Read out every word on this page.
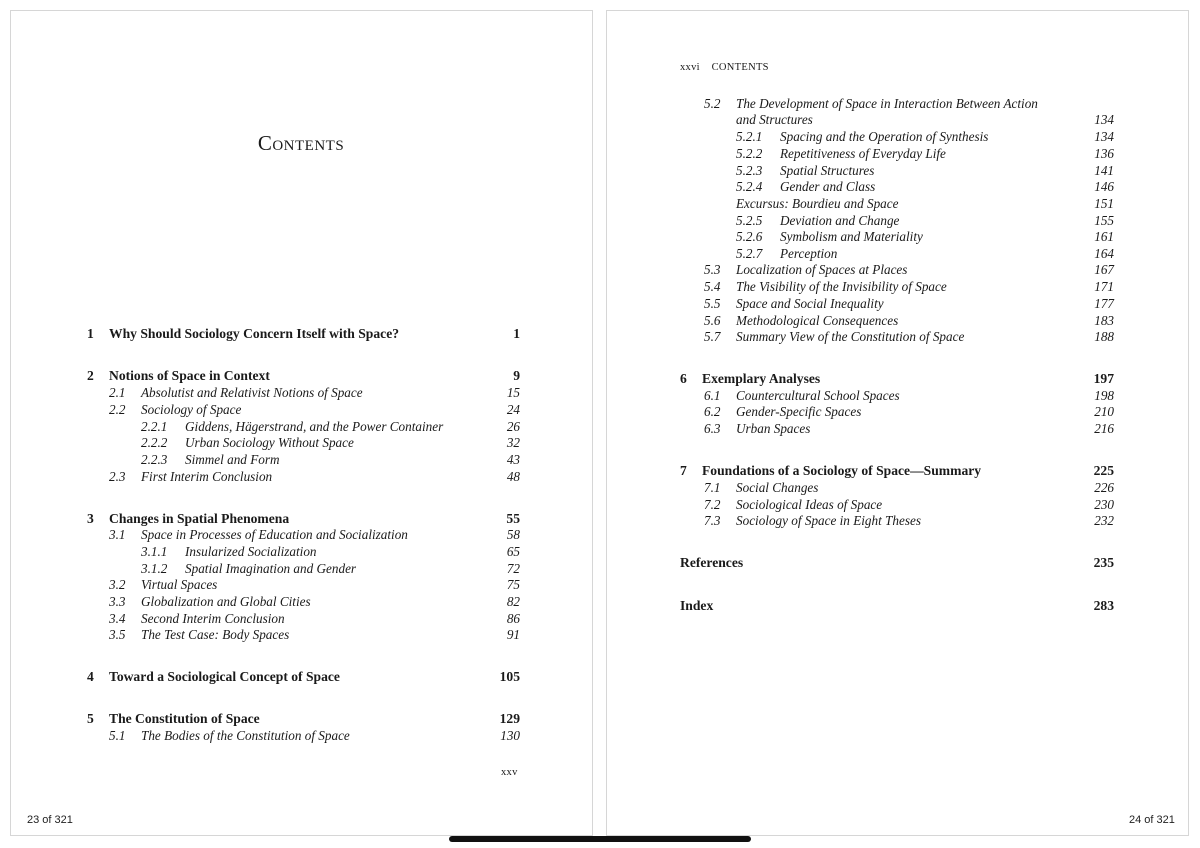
Contents
1 Why Should Sociology Concern Itself with Space?	1
2 Notions of Space in Context	9
2.1 Absolutist and Relativist Notions of Space	15
2.2 Sociology of Space	24
2.2.1 Giddens, Hägerstrand, and the Power Container	26
2.2.2 Urban Sociology Without Space	32
2.2.3 Simmel and Form	43
2.3 First Interim Conclusion	48
3 Changes in Spatial Phenomena	55
3.1 Space in Processes of Education and Socialization	58
3.1.1 Insularized Socialization	65
3.1.2 Spatial Imagination and Gender	72
3.2 Virtual Spaces	75
3.3 Globalization and Global Cities	82
3.4 Second Interim Conclusion	86
3.5 The Test Case: Body Spaces	91
4 Toward a Sociological Concept of Space	105
5 The Constitution of Space	129
5.1 The Bodies of the Constitution of Space	130
xxv
23 of 321
xxvi    CONTENTS
5.2 The Development of Space in Interaction Between Action
and Structures	134
5.2.1 Spacing and the Operation of Synthesis	134
5.2.2 Repetitiveness of Everyday Life	136
5.2.3 Spatial Structures	141
5.2.4 Gender and Class	146
Excursus: Bourdieu and Space	151
5.2.5 Deviation and Change	155
5.2.6 Symbolism and Materiality	161
5.2.7 Perception	164
5.3 Localization of Spaces at Places	167
5.4 The Visibility of the Invisibility of Space	171
5.5 Space and Social Inequality	177
5.6 Methodological Consequences	183
5.7 Summary View of the Constitution of Space	188
6 Exemplary Analyses	197
6.1 Countercultural School Spaces	198
6.2 Gender-Specific Spaces	210
6.3 Urban Spaces	216
7 Foundations of a Sociology of Space—Summary	225
7.1 Social Changes	226
7.2 Sociological Ideas of Space	230
7.3 Sociology of Space in Eight Theses	232
References	235
Index	283
24 of 321
